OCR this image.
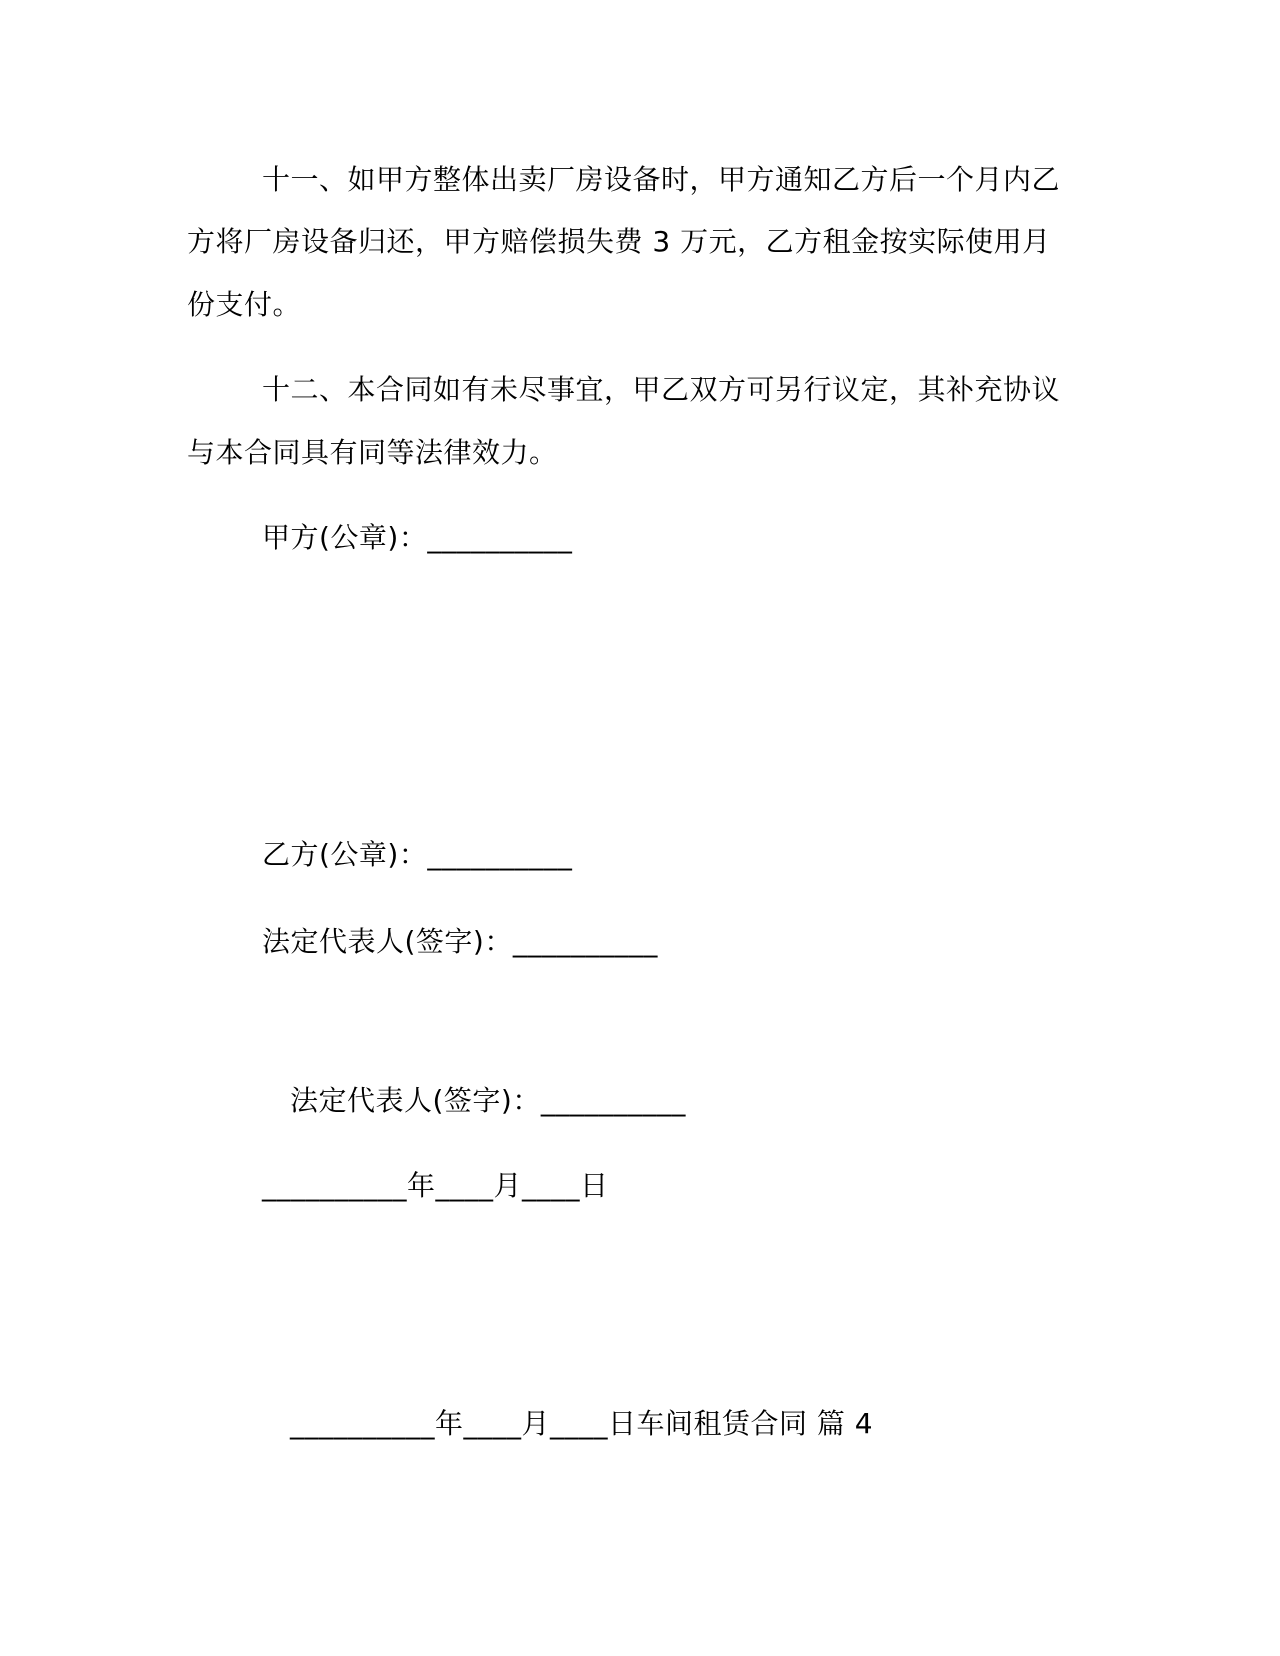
十一、如甲方整体出卖厂房设备时，甲方通知乙方后一个月内乙
方将厂房设备归还，甲方赔偿损失费 3 万元，乙方租金按实际使用月
份支付。
十二、本合同如有未尽事宜，甲乙双方可另行议定，其补充协议
与本合同具有同等法律效力。
甲方(公章)：__________
乙方(公章)：__________
法定代表人(签字)：__________
法定代表人(签字)：__________
__________年____月____日
__________年____月____日车间租赁合同 篇 4
